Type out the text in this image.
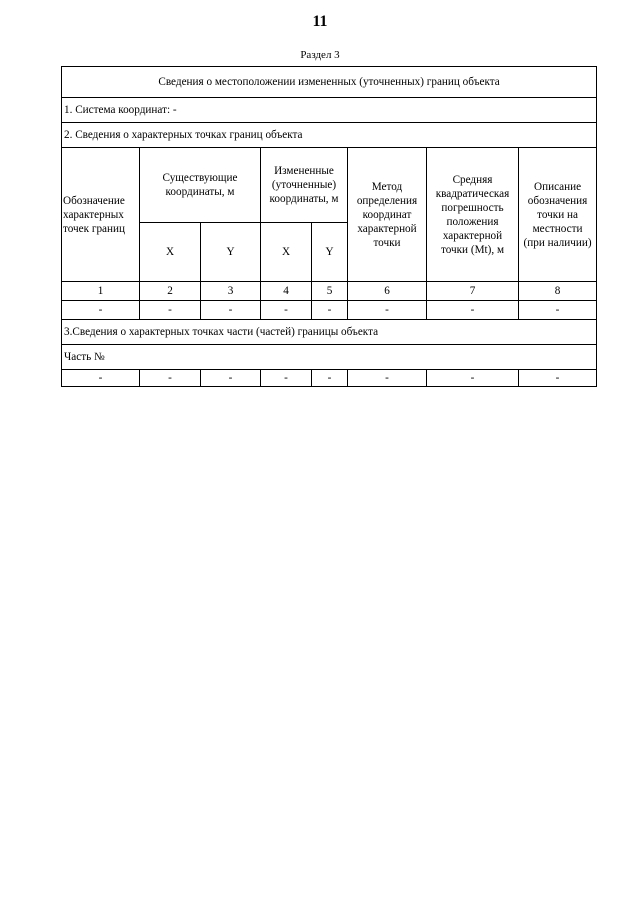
11
Раздел 3
Сведения о местоположении измененных (уточненных) границ объекта							
1. Система координат: -							
2. Сведения о характерных точках границ объекта							
Обозначение характерных точек границ	Существующие координаты, м		Измененные (уточненные) координаты, м		Метод определения координат характерной точки	Средняя квадратическая погрешность положения характерной точки (Mt), м	Описание обозначения точки на местности (при наличии)
	X	Y	X	Y			
1	2	3	4	5	6	7	8
-	-	-	-	-	-	-	-
3.Сведения о характерных точках части (частей) границы объекта							
Часть №							
-	-	-	-	-	-	-	-
